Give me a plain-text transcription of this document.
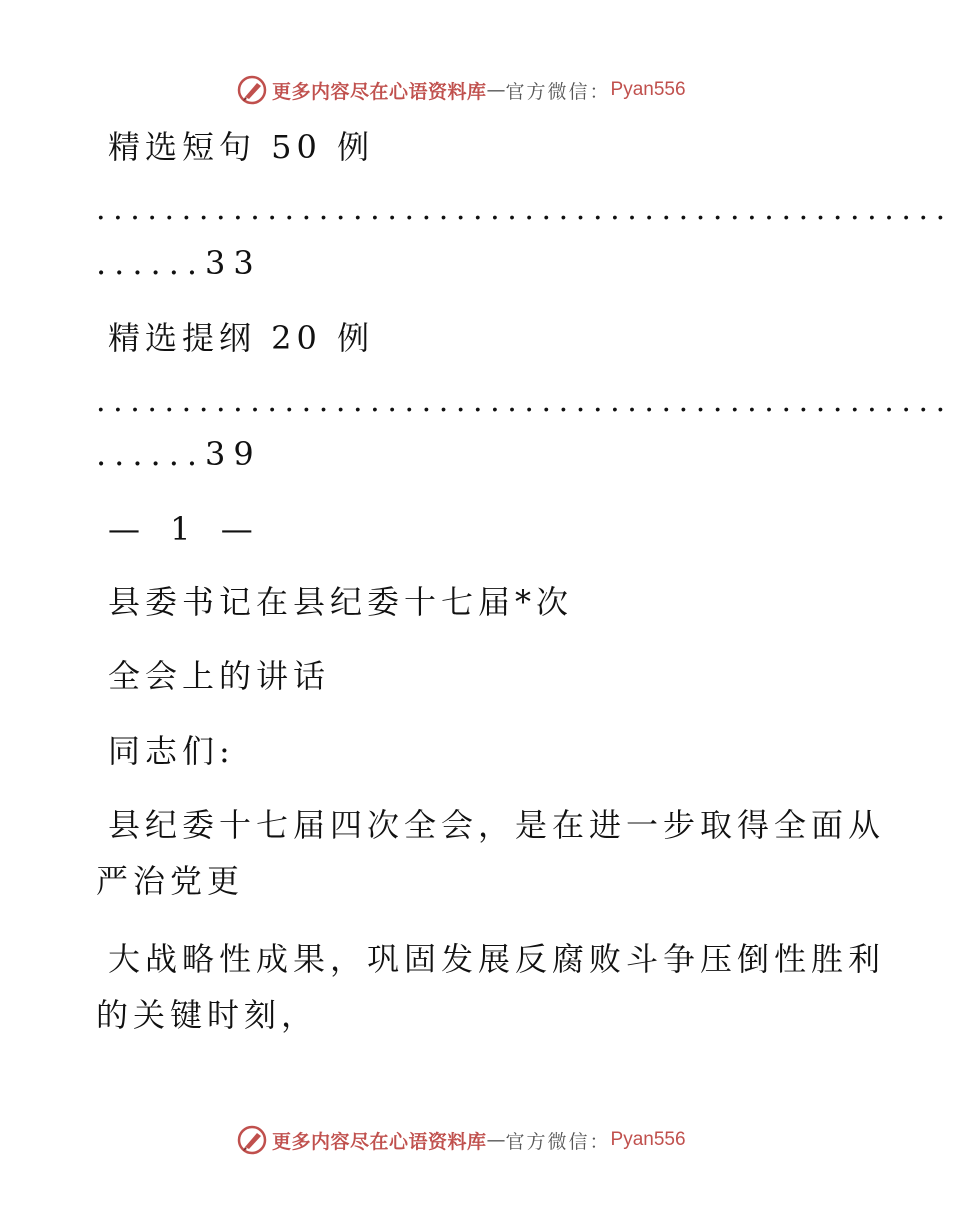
更多内容尽在心语资料库 — 官方微信： Pyan556
精选短句 50 例
..................................................
......33
精选提纲 20 例
..................................................
......39
— 1 —
县委书记在县纪委十七届*次
全会上的讲话
同志们:
县纪委十七届四次全会，是在进一步取得全面从
严治党更
大战略性成果，巩固发展反腐败斗争压倒性胜利
的关键时刻，
更多内容尽在心语资料库 — 官方微信： Pyan556
